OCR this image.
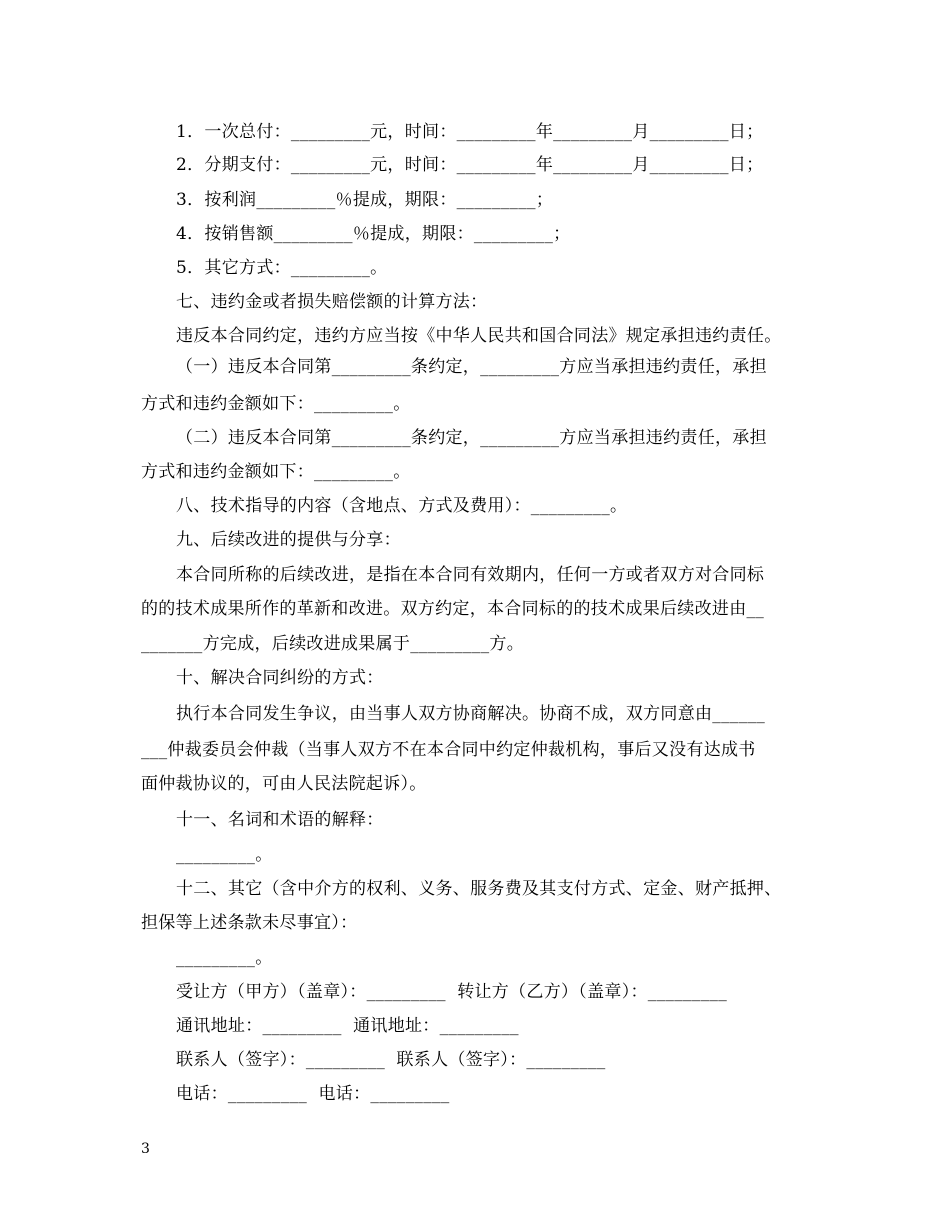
1．一次总付：_________元，时间：_________年_________月_________日；
2．分期支付：_________元，时间：_________年_________月_________日；
3．按利润_________％提成，期限：_________；
4．按销售额_________％提成，期限：_________；
5．其它方式：_________。
七、违约金或者损失赔偿额的计算方法：
违反本合同约定，违约方应当按《中华人民共和国合同法》规定承担违约责任。
（一）违反本合同第_________条约定，_________方应当承担违约责任，承担
方式和违约金额如下：_________。
（二）违反本合同第_________条约定，_________方应当承担违约责任，承担
方式和违约金额如下：_________。
八、技术指导的内容（含地点、方式及费用）：_________。
九、后续改进的提供与分享：
本合同所称的后续改进，是指在本合同有效期内，任何一方或者双方对合同标
的的技术成果所作的革新和改进。双方约定，本合同标的的技术成果后续改进由__
_______方完成，后续改进成果属于_________方。
十、解决合同纠纷的方式：
执行本合同发生争议，由当事人双方协商解决。协商不成，双方同意由______
___仲裁委员会仲裁（当事人双方不在本合同中约定仲裁机构，事后又没有达成书
面仲裁协议的，可由人民法院起诉）。
十一、名词和术语的解释：
_________。
十二、其它（含中介方的权利、义务、服务费及其支付方式、定金、财产抵押、
担保等上述条款未尽事宜）：
_________。
受让方（甲方）（盖章）：_________  转让方（乙方）（盖章）：_________
通讯地址：_________  通讯地址：_________
联系人（签字）：_________  联系人（签字）：_________
电话：_________  电话：_________
3
